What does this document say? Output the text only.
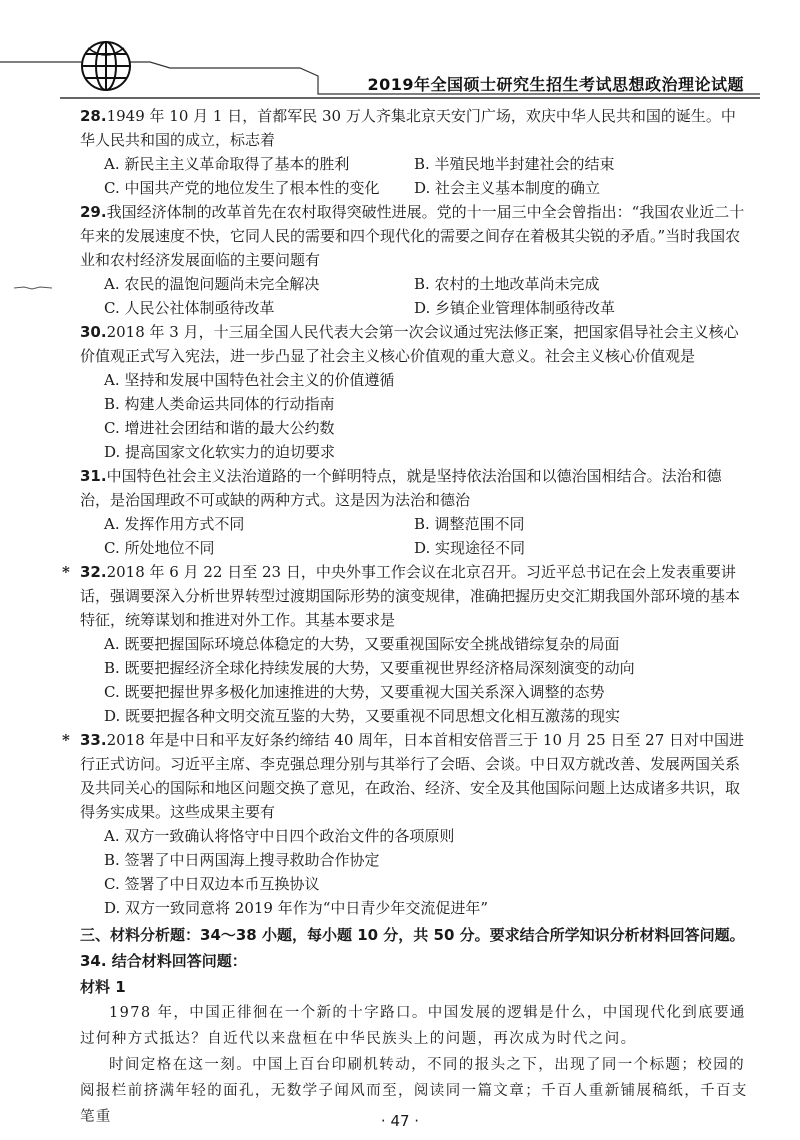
2019年全国硕士研究生招生考试思想政治理论试题

28.1949 年 10 月 1 日，首都军民 30 万人齐集北京天安门广场，欢庆中华人民共和国的诞生。中华人民共和国的成立，标志着

A. 新民主主义革命取得了基本的胜利	B. 半殖民地半封建社会的结束
C. 中国共产党的地位发生了根本性的变化	D. 社会主义基本制度的确立

29.我国经济体制的改革首先在农村取得突破性进展。党的十一届三中全会曾指出：“我国农业近二十年来的发展速度不快，它同人民的需要和四个现代化的需要之间存在着极其尖锐的矛盾。”当时我国农业和农村经济发展面临的主要问题有

A. 农民的温饱问题尚未完全解决	B. 农村的土地改革尚未完成
C. 人民公社体制亟待改革	D. 乡镇企业管理体制亟待改革

30.2018 年 3 月，十三届全国人民代表大会第一次会议通过宪法修正案，把国家倡导社会主义核心价值观正式写入宪法，进一步凸显了社会主义核心价值观的重大意义。社会主义核心价值观是

A. 坚持和发展中国特色社会主义的价值遵循
B. 构建人类命运共同体的行动指南
C. 增进社会团结和谐的最大公约数
D. 提高国家文化软实力的迫切要求

31.中国特色社会主义法治道路的一个鲜明特点，就是坚持依法治国和以德治国相结合。法治和德治，是治国理政不可或缺的两种方式。这是因为法治和德治

A. 发挥作用方式不同	B. 调整范围不同
C. 所处地位不同	D. 实现途径不同

* 32.2018 年 6 月 22 日至 23 日，中央外事工作会议在北京召开。习近平总书记在会上发表重要讲话，强调要深入分析世界转型过渡期国际形势的演变规律，准确把握历史交汇期我国外部环境的基本特征，统筹谋划和推进对外工作。其基本要求是

A. 既要把握国际环境总体稳定的大势，又要重视国际安全挑战错综复杂的局面
B. 既要把握经济全球化持续发展的大势，又要重视世界经济格局深刻演变的动向
C. 既要把握世界多极化加速推进的大势，又要重视大国关系深入调整的态势
D. 既要把握各种文明交流互鉴的大势，又要重视不同思想文化相互激荡的现实

* 33.2018 年是中日和平友好条约缔结 40 周年，日本首相安倍晋三于 10 月 25 日至 27 日对中国进行正式访问。习近平主席、李克强总理分别与其举行了会晤、会谈。中日双方就改善、发展两国关系及共同关心的国际和地区问题交换了意见，在政治、经济、安全及其他国际问题上达成诸多共识，取得务实成果。这些成果主要有

A. 双方一致确认将恪守中日四个政治文件的各项原则
B. 签署了中日两国海上搜寻救助合作协定
C. 签署了中日双边本币互换协议
D. 双方一致同意将 2019 年作为“中日青少年交流促进年”
三、材料分析题：34～38 小题，每小题 10 分，共 50 分。要求结合所学知识分析材料回答问题。
34. 结合材料回答问题：
材料 1

1978 年，中国正徘徊在一个新的十字路口。中国发展的逻辑是什么，中国现代化到底要通过何种方式抵达？自近代以来盘桓在中华民族头上的问题，再次成为时代之问。

时间定格在这一刻。中国上百台印刷机转动，不同的报头之下，出现了同一个标题；校园的阅报栏前挤满年轻的面孔，无数学子闻风而至，阅读同一篇文章；千百人重新铺展稿纸，千百支笔重	· 47 ·
